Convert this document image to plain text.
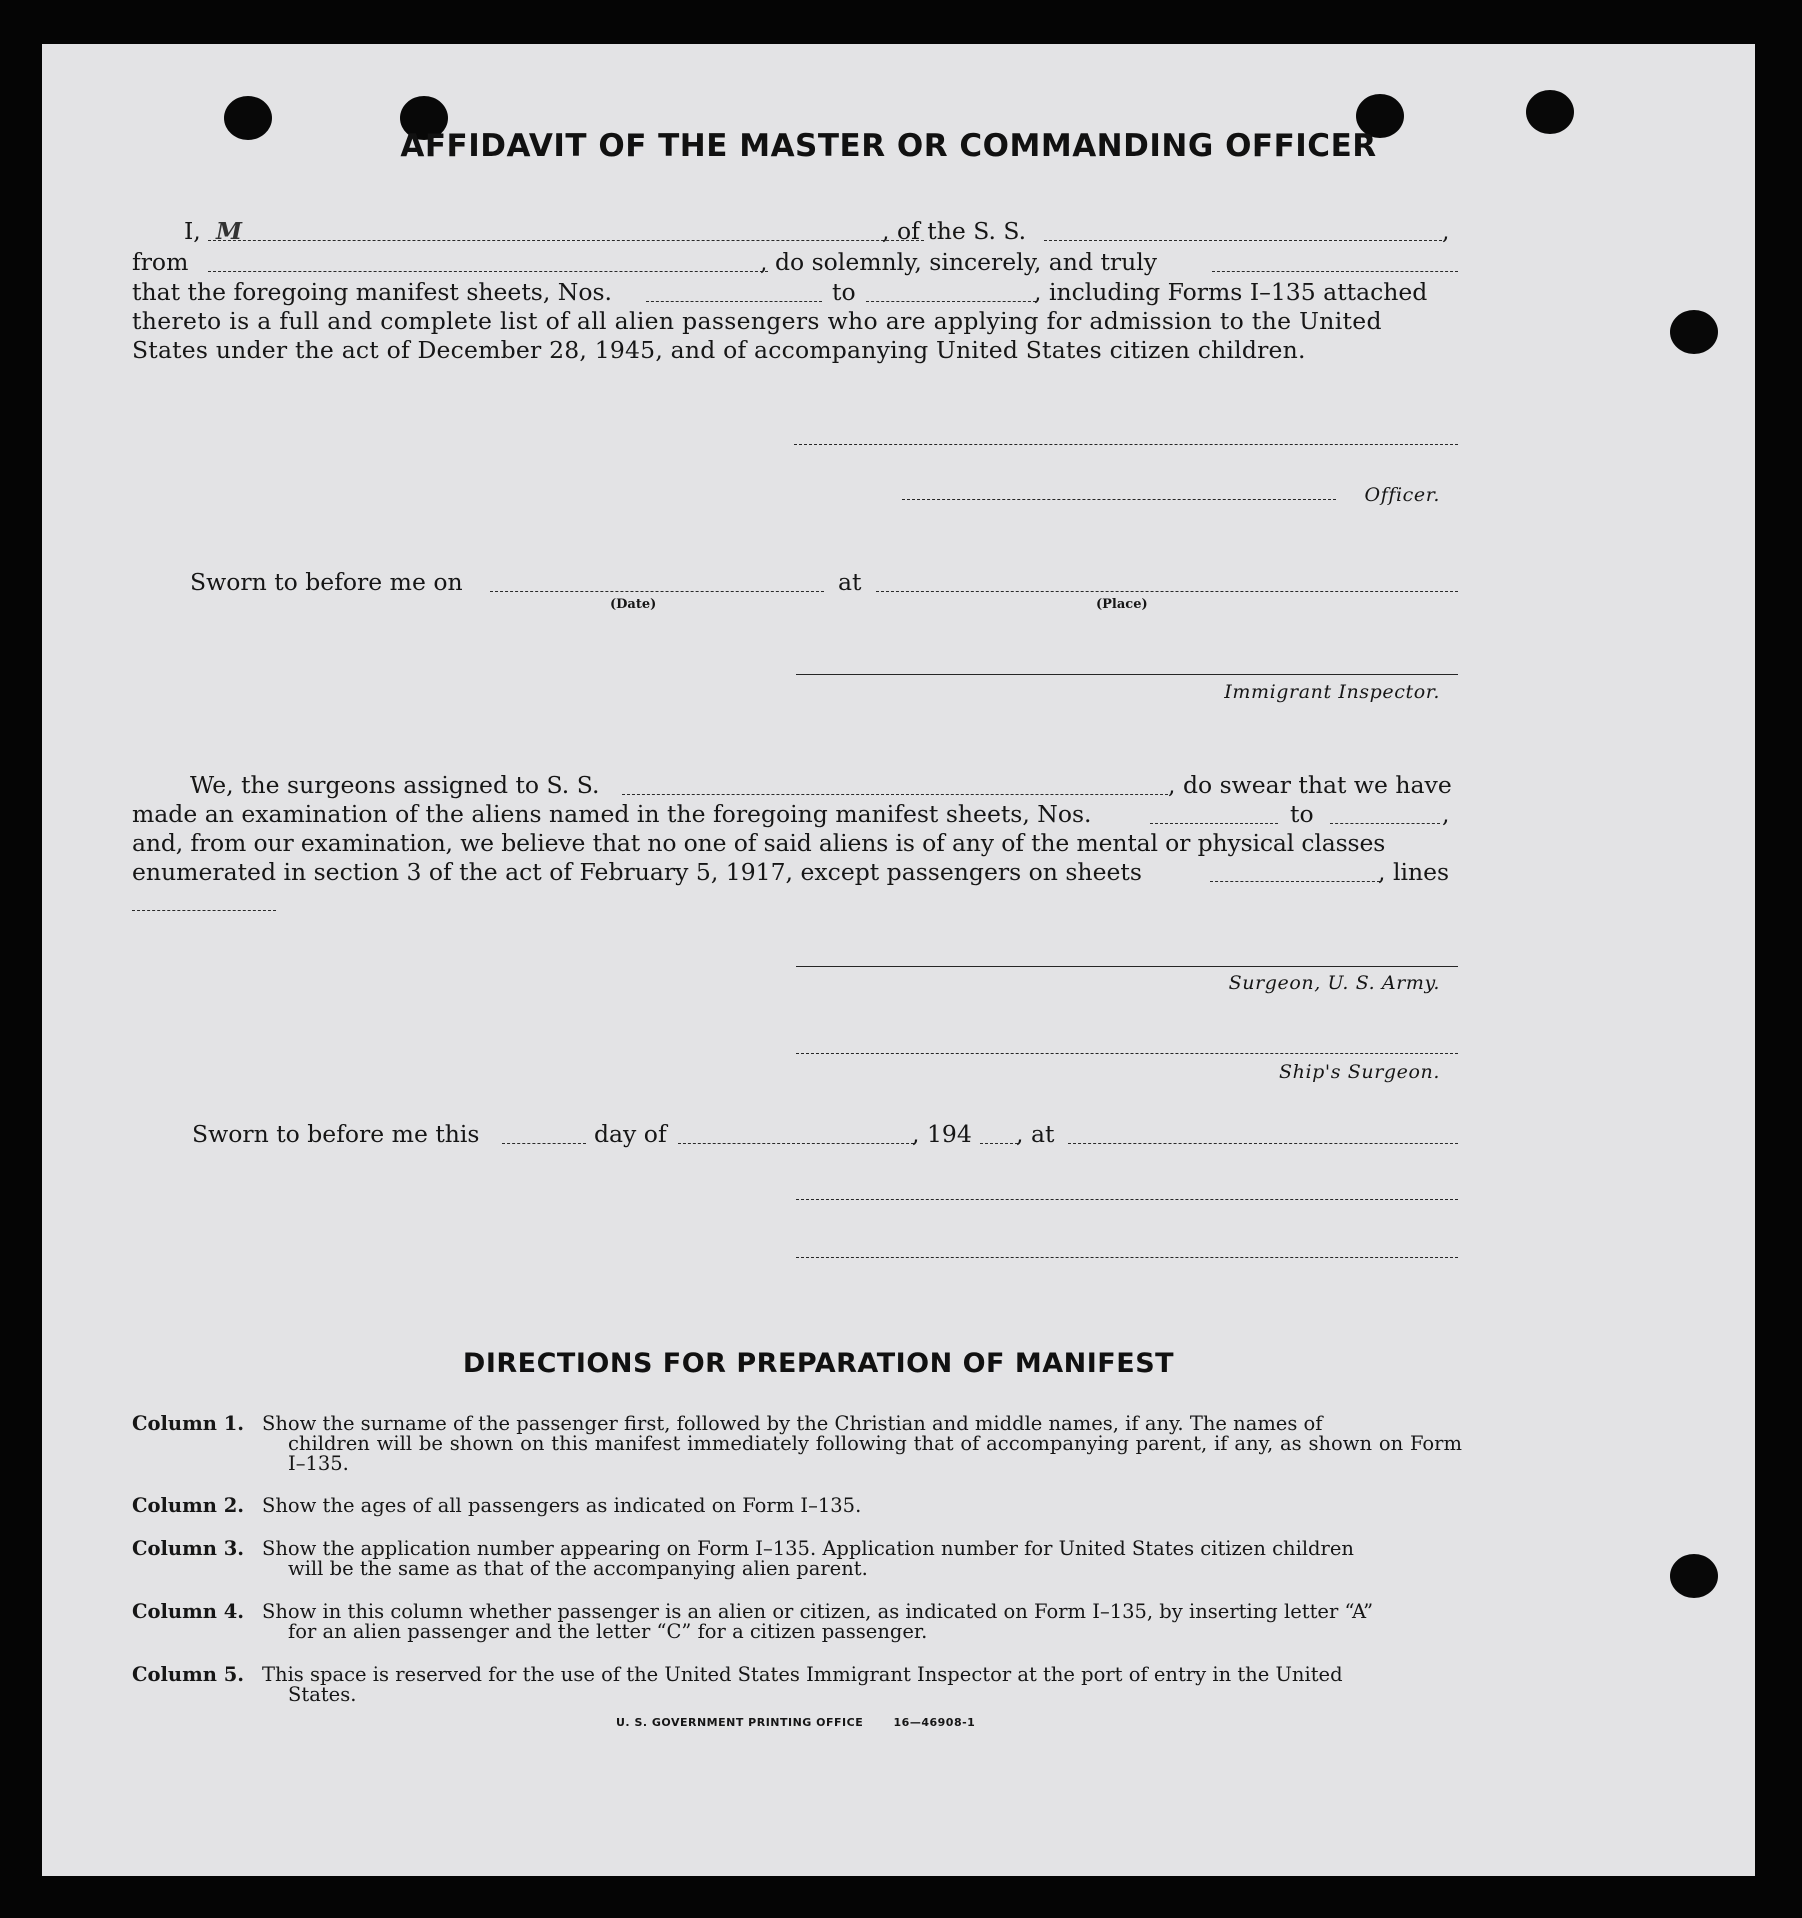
AFFIDAVIT OF THE MASTER OR COMMANDING OFFICER
I, M	, of the S. S.	,
from	, do solemnly, sincerely, and truly
that the foregoing manifest sheets, Nos.	to	, including Forms I–135 attached
thereto is a full and complete list of all alien passengers who are applying for admission to the United
States under the act of December 28, 1945, and of accompanying United States citizen children.
Officer.
Sworn to before me on	at
(Date)	(Place)
Immigrant Inspector.
We, the surgeons assigned to S. S.	, do swear that we have
made an examination of the aliens named in the foregoing manifest sheets, Nos.	to	,
and, from our examination, we believe that no one of said aliens is of any of the mental or physical classes
enumerated in section 3 of the act of February 5, 1917, except passengers on sheets	, lines
Surgeon, U. S. Army.
Ship's Surgeon.
Sworn to before me this	day of	, 194 , at
DIRECTIONS FOR PREPARATION OF MANIFEST
Column 1. Show the surname of the passenger first, followed by the Christian and middle names, if any. The names of
children will be shown on this manifest immediately following that of accompanying parent, if any, as shown on Form I–135.
Column 2. Show the ages of all passengers as indicated on Form I–135.
Column 3. Show the application number appearing on Form I–135. Application number for United States citizen children
will be the same as that of the accompanying alien parent.
Column 4. Show in this column whether passenger is an alien or citizen, as indicated on Form I–135, by inserting letter “A”
for an alien passenger and the letter “C” for a citizen passenger.
Column 5. This space is reserved for the use of the United States Immigrant Inspector at the port of entry in the United
States.
U. S. GOVERNMENT PRINTING OFFICE	16—46908-1
